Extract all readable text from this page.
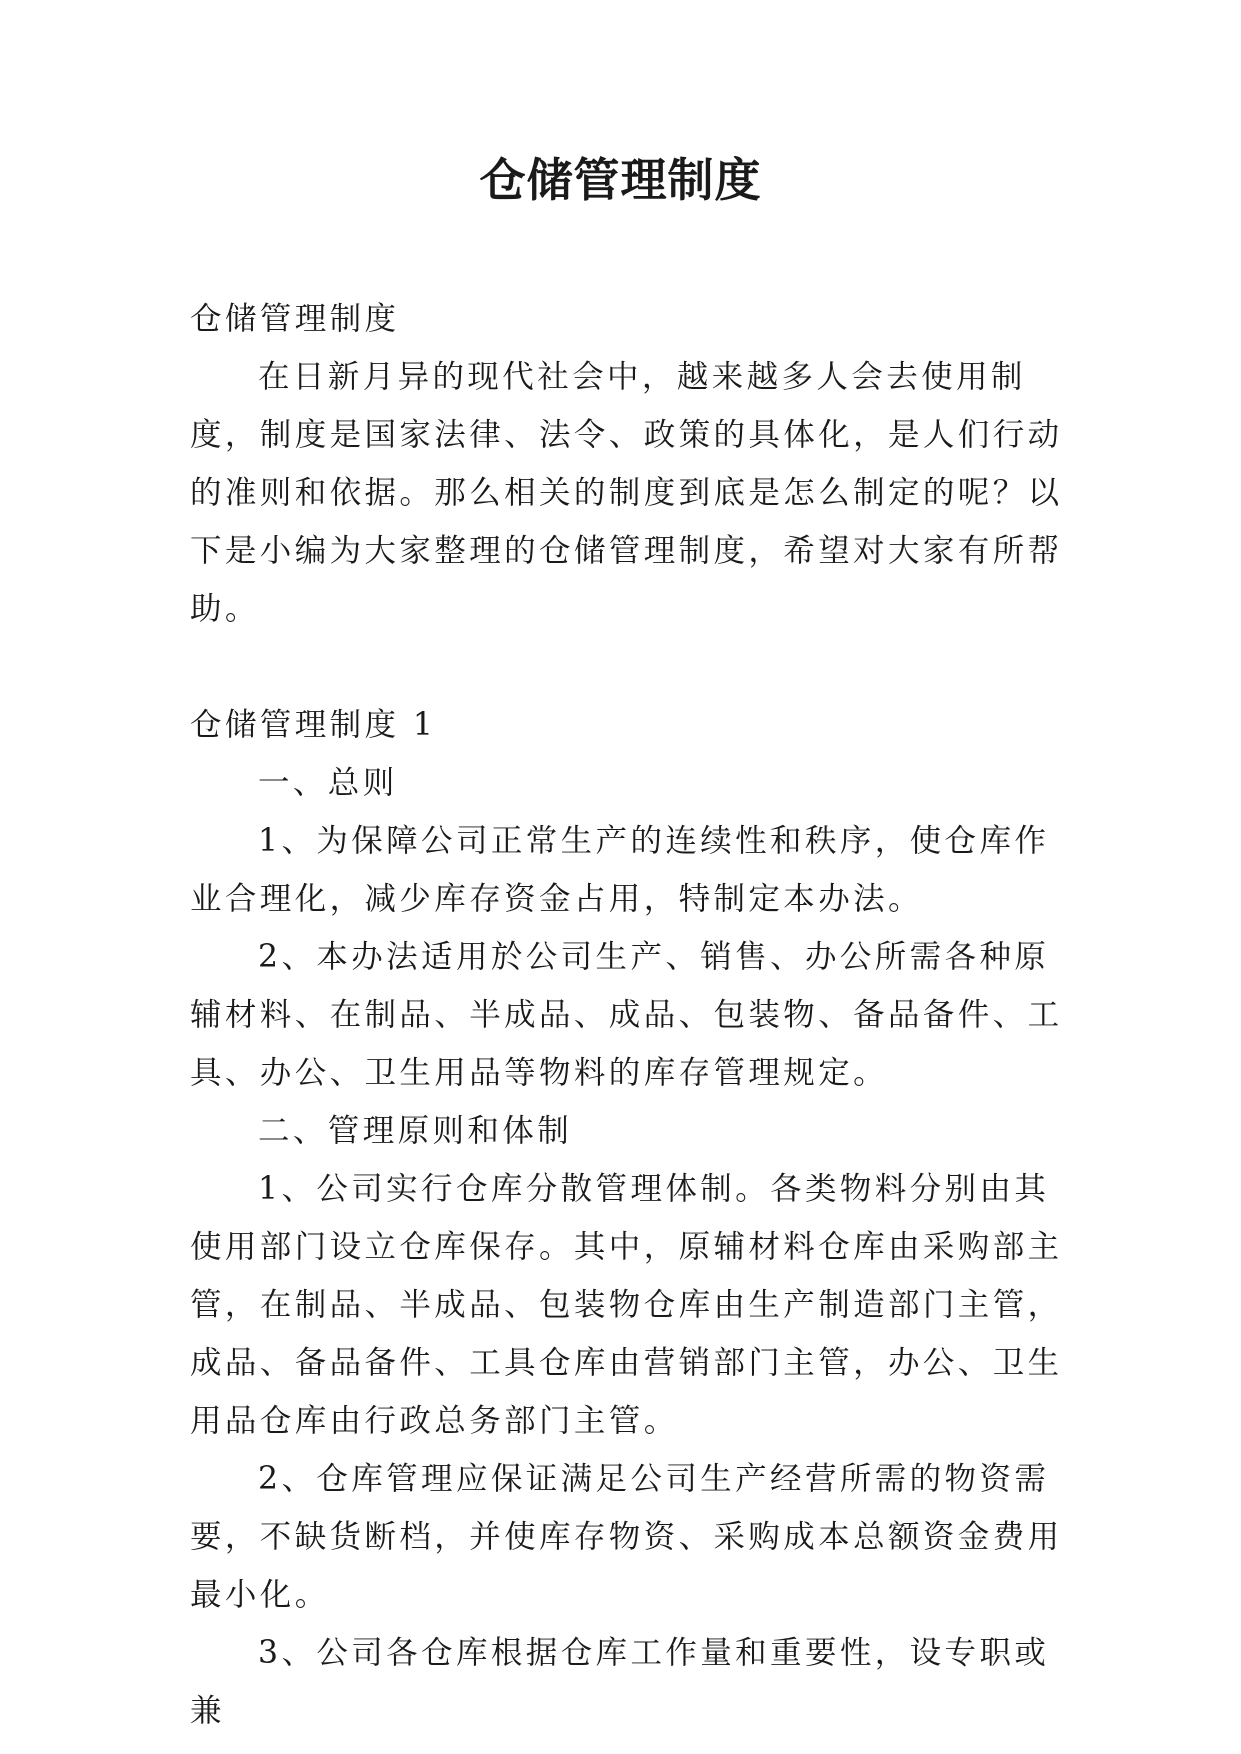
仓储管理制度

仓储管理制度

在日新月异的现代社会中，越来越多人会去使用制度，制度是国家法律、法令、政策的具体化，是人们行动的准则和依据。那么相关的制度到底是怎么制定的呢？以下是小编为大家整理的仓储管理制度，希望对大家有所帮助。

仓储管理制度 1

一、总则

1、为保障公司正常生产的连续性和秩序，使仓库作业合理化，减少库存资金占用，特制定本办法。

2、本办法适用於公司生产、销售、办公所需各种原辅材料、在制品、半成品、成品、包装物、备品备件、工具、办公、卫生用品等物料的库存管理规定。

二、管理原则和体制

1、公司实行仓库分散管理体制。各类物料分别由其使用部门设立仓库保存。其中，原辅材料仓库由采购部主管，在制品、半成品、包装物仓库由生产制造部门主管，成品、备品备件、工具仓库由营销部门主管，办公、卫生用品仓库由行政总务部门主管。

2、仓库管理应保证满足公司生产经营所需的物资需要，不缺货断档，并使库存物资、采购成本总额资金费用最小化。

3、公司各仓库根据仓库工作量和重要性，设专职或兼
